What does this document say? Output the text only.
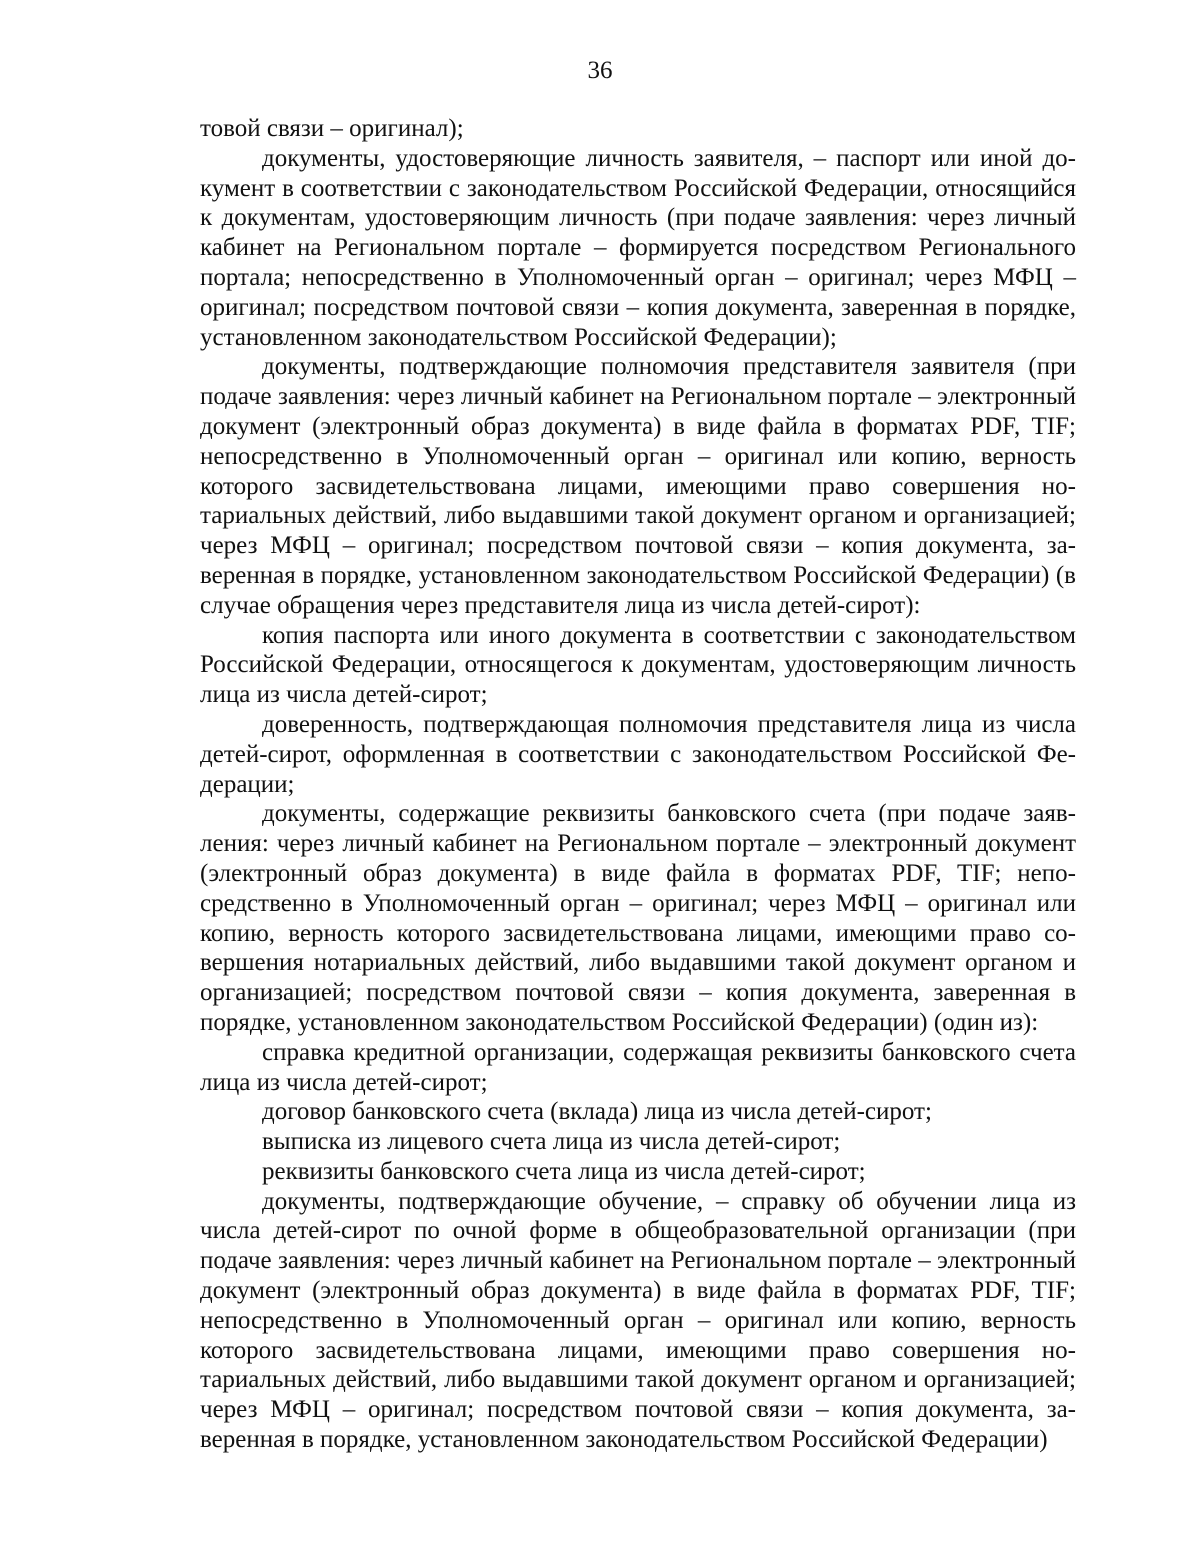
36

товой связи – оригинал);

документы, удостоверяющие личность заявителя, – паспорт или иной документ в соответствии с законодательством Российской Федерации, относящийся к документам, удостоверяющим личность (при подаче заявления: через личный кабинет на Региональном портале – формируется посредством Регионального портала; непосредственно в Уполномоченный орган – оригинал; через МФЦ – оригинал; посредством почтовой связи – копия документа, заверенная в порядке, установленном законодательством Российской Федерации);

документы, подтверждающие полномочия представителя заявителя (при подаче заявления: через личный кабинет на Региональном портале – электронный документ (электронный образ документа) в виде файла в форматах PDF, TIF; непосредственно в Уполномоченный орган – оригинал или копию, верность которого засвидетельствована лицами, имеющими право совершения нотариальных действий, либо выдавшими такой документ органом и организацией; через МФЦ – оригинал; посредством почтовой связи – копия документа, заверенная в порядке, установленном законодательством Российской Федерации) (в случае обращения через представителя лица из числа детей-сирот):

копия паспорта или иного документа в соответствии с законодательством Российской Федерации, относящегося к документам, удостоверяющим личность лица из числа детей-сирот;

доверенность, подтверждающая полномочия представителя лица из числа детей-сирот, оформленная в соответствии с законодательством Российской Федерации;

документы, содержащие реквизиты банковского счета (при подаче заявления: через личный кабинет на Региональном портале – электронный документ (электронный образ документа) в виде файла в форматах PDF, TIF; непосредственно в Уполномоченный орган – оригинал; через МФЦ – оригинал или копию, верность которого засвидетельствована лицами, имеющими право совершения нотариальных действий, либо выдавшими такой документ органом и организацией; посредством почтовой связи – копия документа, заверенная в порядке, установленном законодательством Российской Федерации) (один из):

справка кредитной организации, содержащая реквизиты банковского счета лица из числа детей-сирот;

договор банковского счета (вклада) лица из числа детей-сирот;

выписка из лицевого счета лица из числа детей-сирот;

реквизиты банковского счета лица из числа детей-сирот;

документы, подтверждающие обучение, – справку об обучении лица из числа детей-сирот по очной форме в общеобразовательной организации (при подаче заявления: через личный кабинет на Региональном портале – электронный документ (электронный образ документа) в виде файла в форматах PDF, TIF; непосредственно в Уполномоченный орган – оригинал или копию, верность которого засвидетельствована лицами, имеющими право совершения нотариальных действий, либо выдавшими такой документ органом и организацией; через МФЦ – оригинал; посредством почтовой связи – копия документа, заверенная в порядке, установленном законодательством Российской Федерации)
